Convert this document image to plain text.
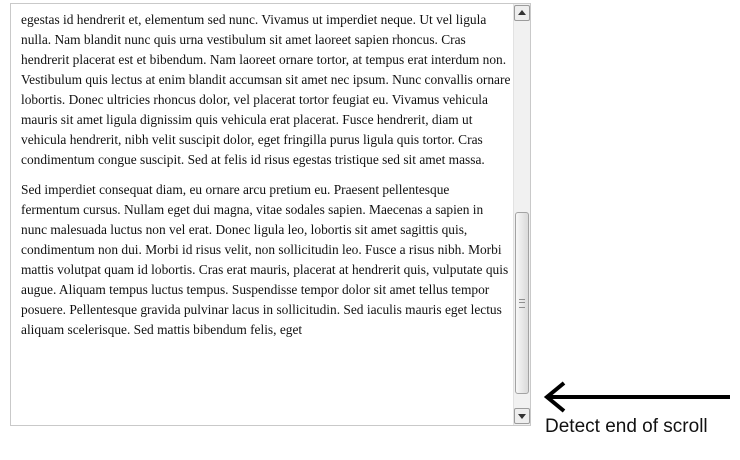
egestas id hendrerit et, elementum sed nunc. Vivamus ut imperdiet neque. Ut vel ligula nulla. Nam blandit nunc quis urna vestibulum sit amet laoreet sapien rhoncus. Cras hendrerit placerat est et bibendum. Nam laoreet ornare tortor, at tempus erat interdum non. Vestibulum quis lectus at enim blandit accumsan sit amet nec ipsum. Nunc convallis ornare lobortis. Donec ultricies rhoncus dolor, vel placerat tortor feugiat eu. Vivamus vehicula mauris sit amet ligula dignissim quis vehicula erat placerat. Fusce hendrerit, diam ut vehicula hendrerit, nibh velit suscipit dolor, eget fringilla purus ligula quis tortor. Cras condimentum congue suscipit. Sed at felis id risus egestas tristique sed sit amet massa.

Sed imperdiet consequat diam, eu ornare arcu pretium eu. Praesent pellentesque fermentum cursus. Nullam eget dui magna, vitae sodales sapien. Maecenas a sapien in nunc malesuada luctus non vel erat. Donec ligula leo, lobortis sit amet sagittis quis, condimentum non dui. Morbi id risus velit, non sollicitudin leo. Fusce a risus nibh. Morbi mattis volutpat quam id lobortis. Cras erat mauris, placerat at hendrerit quis, vulputate quis augue. Aliquam tempus luctus tempus. Suspendisse tempor dolor sit amet tellus tempor posuere. Pellentesque gravida pulvinar lacus in sollicitudin. Sed iaculis mauris eget lectus aliquam scelerisque. Sed mattis bibendum felis, eget

Detect end of scroll
